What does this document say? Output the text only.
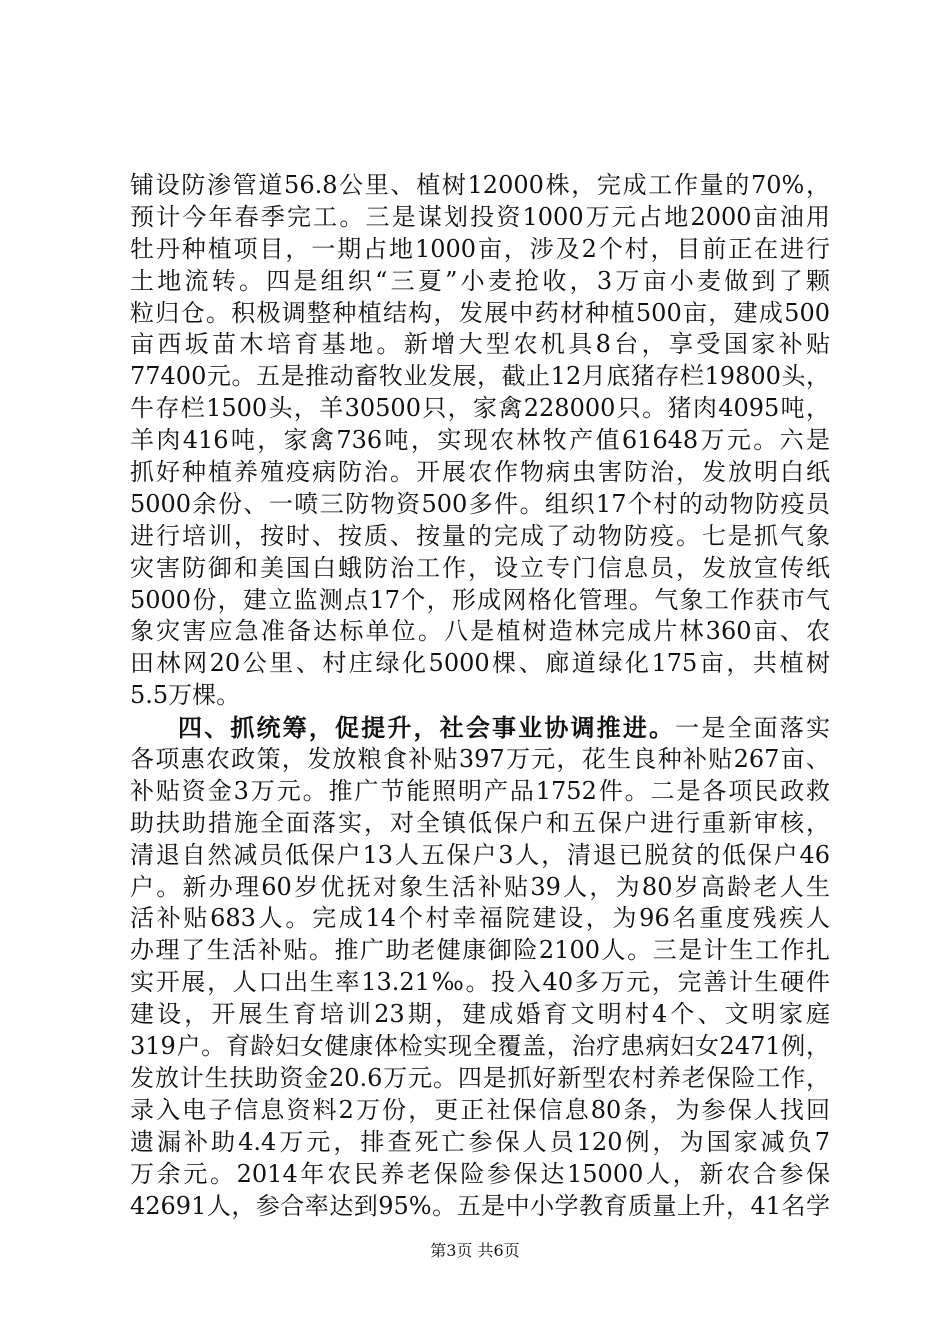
铺设防渗管道56.8公里、植树12000株，完成工作量的70%，
预计今年春季完工。三是谋划投资1000万元占地2000亩油用
牡丹种植项目，一期占地1000亩，涉及2个村，目前正在进行
土地流转。四是组织“三夏”小麦抢收，3万亩小麦做到了颗
粒归仓。积极调整种植结构，发展中药材种植500亩，建成500
亩西坂苗木培育基地。新增大型农机具8台，享受国家补贴
77400元。五是推动畜牧业发展，截止12月底猪存栏19800头，
牛存栏1500头，羊30500只，家禽228000只。猪肉4095吨，
羊肉416吨，家禽736吨，实现农林牧产值61648万元。六是
抓好种植养殖疫病防治。开展农作物病虫害防治，发放明白纸
5000余份、一喷三防物资500多件。组织17个村的动物防疫员
进行培训，按时、按质、按量的完成了动物防疫。七是抓气象
灾害防御和美国白蛾防治工作，设立专门信息员，发放宣传纸
5000份，建立监测点17个，形成网格化管理。气象工作获市气
象灾害应急准备达标单位。八是植树造林完成片林360亩、农
田林网20公里、村庄绿化5000棵、廊道绿化175亩，共植树
5.5万棵。
四、抓统筹，促提升，社会事业协调推进。一是全面落实
各项惠农政策，发放粮食补贴397万元，花生良种补贴267亩、
补贴资金3万元。推广节能照明产品1752件。二是各项民政救
助扶助措施全面落实，对全镇低保户和五保户进行重新审核，
清退自然减员低保户13人五保户3人，清退已脱贫的低保户46
户。新办理60岁优抚对象生活补贴39人，为80岁高龄老人生
活补贴683人。完成14个村幸福院建设，为96名重度残疾人
办理了生活补贴。推广助老健康御险2100人。三是计生工作扎
实开展，人口出生率13.21‰。投入40多万元，完善计生硬件
建设，开展生育培训23期，建成婚育文明村4个、文明家庭
319户。育龄妇女健康体检实现全覆盖，治疗患病妇女2471例，
发放计生扶助资金20.6万元。四是抓好新型农村养老保险工作，
录入电子信息资料2万份，更正社保信息80条，为参保人找回
遗漏补助4.4万元，排查死亡参保人员120例，为国家减负7
万余元。2014年农民养老保险参保达15000人，新农合参保
42691人，参合率达到95%。五是中小学教育质量上升，41名学
第3页 共6页
